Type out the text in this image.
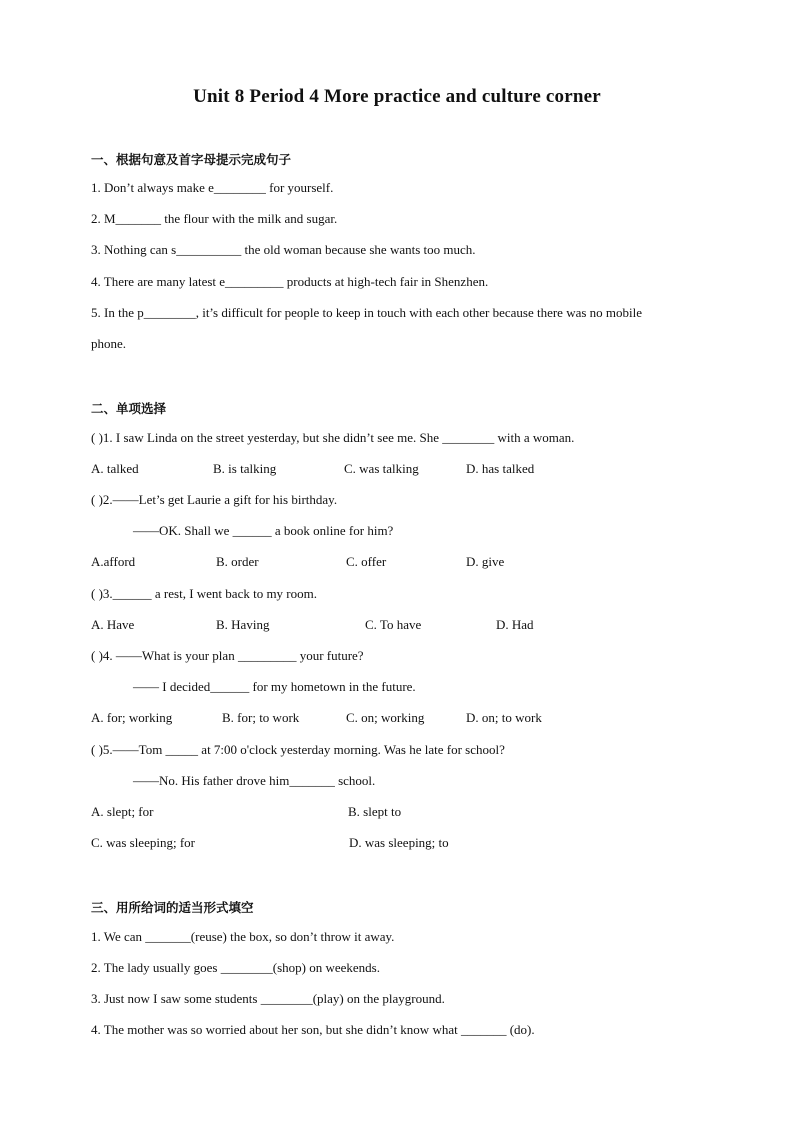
Unit 8 Period 4 More practice and culture corner
一、根据句意及首字母提示完成句子
1. Don’t always make e________ for yourself.
2. M_______ the flour with the milk and sugar.
3. Nothing can s__________ the old woman because she wants too much.
4. There are many latest e_________ products at high-tech fair in Shenzhen.
5. In the p________, it’s difficult for people to keep in touch with each other because there was no mobile
phone.
二、单项选择
( )1. I saw Linda on the street yesterday, but she didn’t see me. She ________ with a woman.
A. talked	B. is talking	C. was talking	D. has talked
( )2.——Let’s get Laurie a gift for his birthday.
——OK. Shall we ______ a book online for him?
A.afford	B. order	C. offer	D. give
( )3.______ a rest, I went back to my room.
A. Have	B. Having	C. To have	D. Had
( )4. ——What is your plan _________ your future?
—— I decided______ for my hometown in the future.
A. for; working	B. for; to work	C. on; working	D. on; to work
( )5.——Tom _____ at 7:00 o'clock yesterday morning. Was he late for school?
——No. His father drove him_______ school.
A. slept; for	B. slept to
C. was sleeping; for	D. was sleeping; to
三、用所给词的适当形式填空
1. We can _______(reuse) the box, so don’t throw it away.
2. The lady usually goes ________(shop) on weekends.
3. Just now I saw some students ________(play) on the playground.
4. The mother was so worried about her son, but she didn’t know what _______ (do).
